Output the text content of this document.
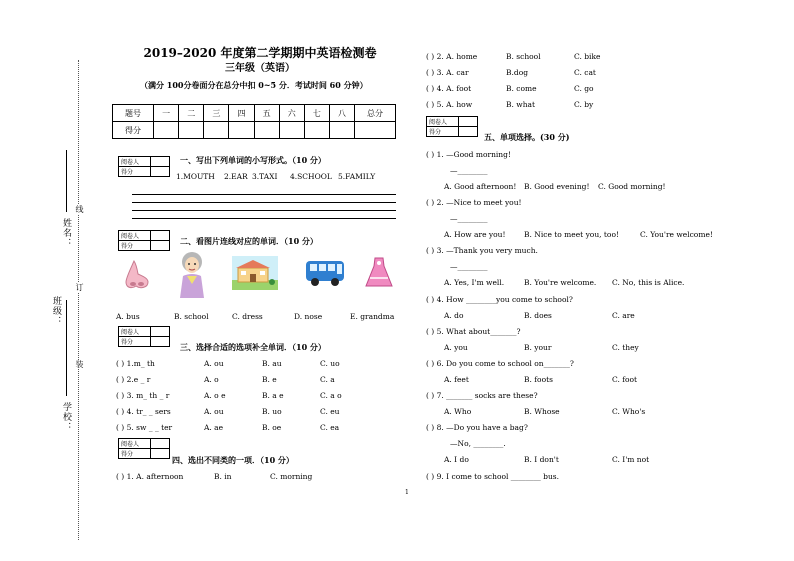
学校：
姓名：
班级：
线
订
装
2019–2020 年度第二学期期中英语检测卷
三年级（英语）
（满分 100分卷面分在总分中扣 0~5 分．考试时间 60 分钟）
题号	一	二	三	四	五	六	七	八	总分
得分									
阅卷人	
得分	
一、写出下列单词的小写形式。（10 分）
1.MOUTH 2.EAR 3.TAXI 4.SCHOOL 5.FAMILY
阅卷人	
得分	
二、看图片连线对应的单词．（10 分）
A. bus	B. school	C. dress	D. nose	E. grandma
阅卷人	
得分		三、选择合适的选项补全单词．（10 分）
( ) 1.m_ th	A. ou	B. au	C. uo
( ) 2.e _ r	A. o	B. e	C. a
( ) 3. m_ th _ r	A. o e	B. a e	C. a o
( ) 4. tr_ _ sers	A. ou	B. uo	C. eu
( ) 5. sw _ _ ter	A. ae	B. oe	C. ea
阅卷人	
得分	
四、选出不同类的一项．（10 分）
( ) 1. A. afternoon	B. in	C. morning
( ) 2. A. home	B. school	C. bike
( ) 3. A. car	B.dog	C. cat
( ) 4. A. foot	B. come	C. go
( ) 5. A. how	B. what	C. by
阅卷人	
得分		五、单项选择。(30 分)
( ) 1. —Good morning!
—________
A. Good afternoon! B. Good evening! C. Good morning!
( ) 2. —Nice to meet you!
—________
A. How are you! B. Nice to meet you, too!	C. You're welcome!
( ) 3. —Thank you very much.
—________
A. Yes, I'm well.	B. You're welcome. C. No, this is Alice.
( ) 4. How ________you come to school?
A. do	B. does	C. are
( ) 5. What about_______?
A. you	B. your	C. they
( ) 6. Do you come to school on_______?
A. feet	B. foots	C. foot
( ) 7. _______ socks are these?
A. Who	B. Whose	C. Who's
( ) 8. —Do you have a bag?
—No, ________.
A. I do	B. I don't	C. I'm not
( ) 9. I come to school ________ bus.
1
